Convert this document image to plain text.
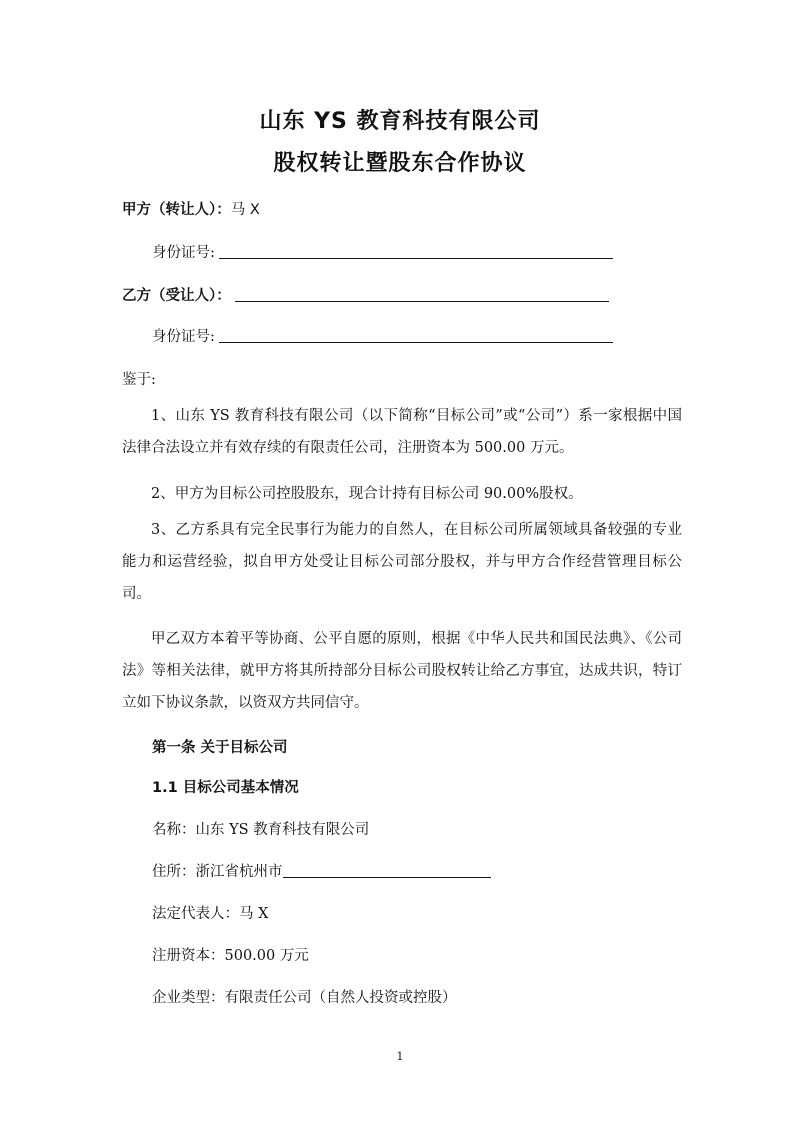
山东 YS 教育科技有限公司
股权转让暨股东合作协议
甲方（转让人）：马 X
身份证号:
乙方（受让人）：
身份证号:
鉴于:
1、山东 YS 教育科技有限公司（以下简称“目标公司”或“公司”）系一家根据中国法律合法设立并有效存续的有限责任公司，注册资本为 500.00 万元。
2、甲方为目标公司控股股东，现合计持有目标公司 90.00%股权。
3、乙方系具有完全民事行为能力的自然人，在目标公司所属领域具备较强的专业能力和运营经验，拟自甲方处受让目标公司部分股权，并与甲方合作经营管理目标公司。
甲乙双方本着平等协商、公平自愿的原则，根据《中华人民共和国民法典》、《公司法》等相关法律，就甲方将其所持部分目标公司股权转让给乙方事宜，达成共识，特订立如下协议条款，以资双方共同信守。
第一条 关于目标公司
1.1 目标公司基本情况
名称：山东 YS 教育科技有限公司
住所：浙江省杭州市
法定代表人：马 X
注册资本：500.00 万元
企业类型：有限责任公司（自然人投资或控股）
1
